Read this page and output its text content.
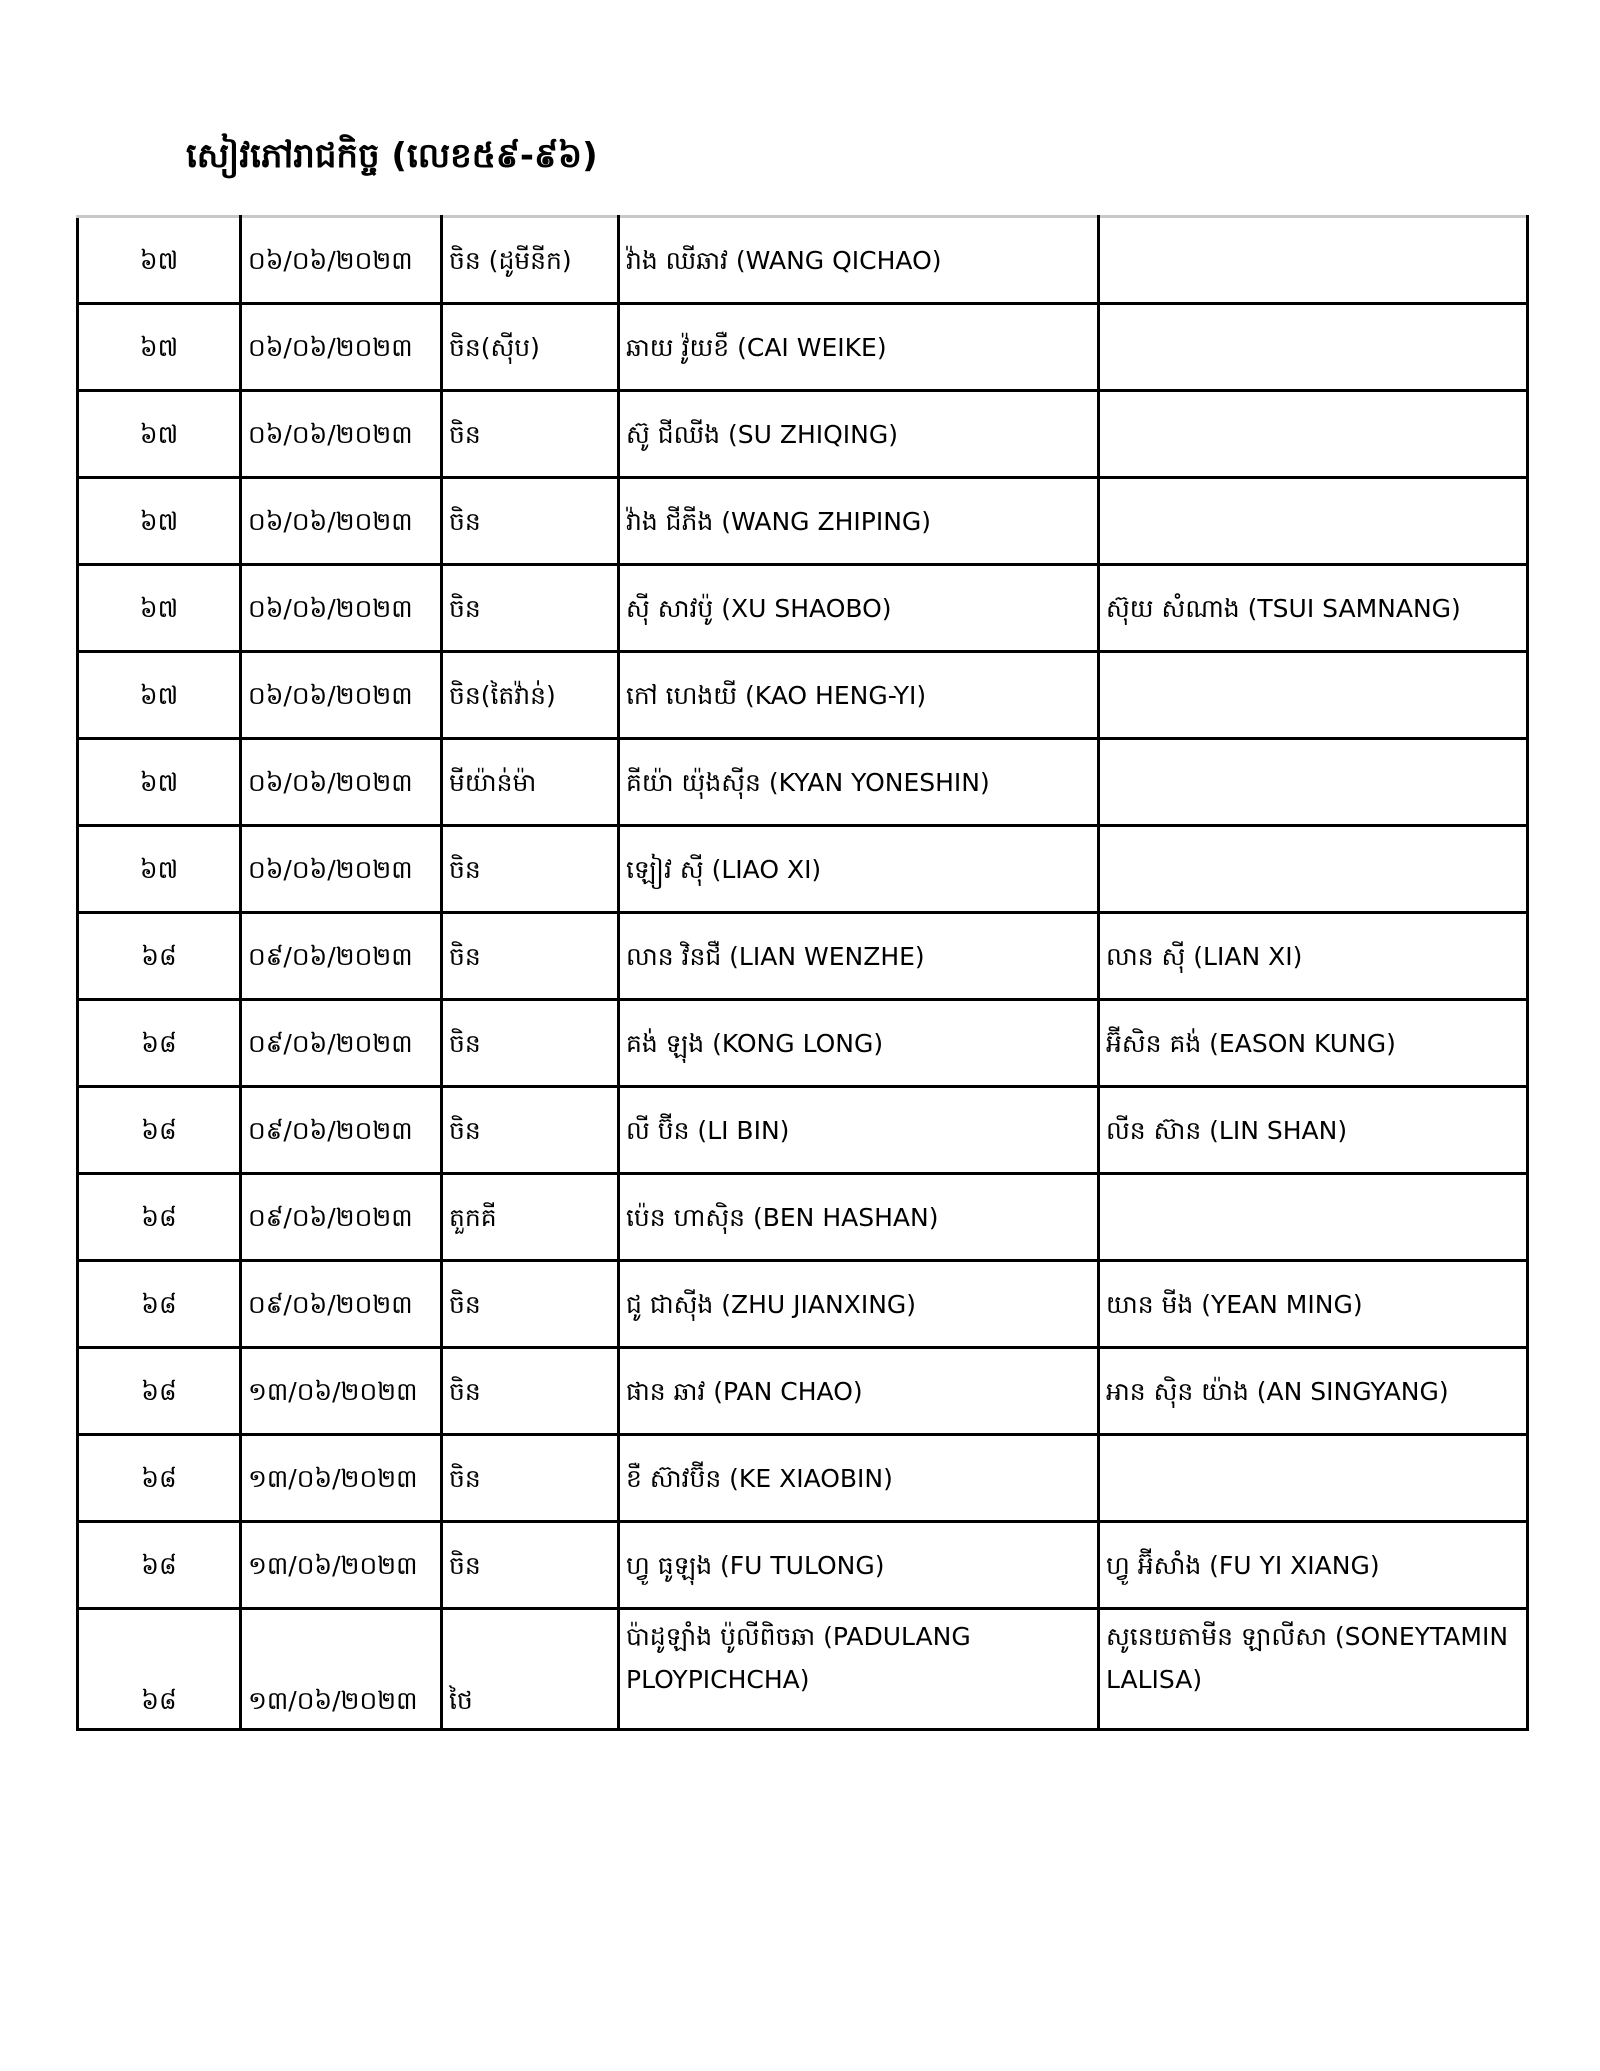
សៀវភៅរាជកិច្ច (លេខ៥៩-៩៦)
៦៧	០៦/០៦/២០២៣	ចិន (ដូមីនីក)	វ៉ាង ឈីឆាវ (WANG QICHAO)	
៦៧	០៦/០៦/២០២៣	ចិន(ស៊ីប)	ឆាយ វ៉ូយខឺ (CAI WEIKE)	
៦៧	០៦/០៦/២០២៣	ចិន	ស៊ូ ជីឈីង (SU ZHIQING)	
៦៧	០៦/០៦/២០២៣	ចិន	វ៉ាង ជីភីង (WANG ZHIPING)	
៦៧	០៦/០៦/២០២៣	ចិន	ស៊ី សាវប៉ូ (XU SHAOBO)	ស៊ុយ សំណាង (TSUI SAMNANG)
៦៧	០៦/០៦/២០២៣	ចិន(តៃវ៉ាន់)	កៅ ហេងយី (KAO HENG-YI)	
៦៧	០៦/០៦/២០២៣	មីយ៉ាន់ម៉ា	គីយ៉ា យ៉ុងស៊ីន (KYAN YONESHIN)	
៦៧	០៦/០៦/២០២៣	ចិន	ឡៀវ ស៊ី (LIAO XI)	
៦៨	០៩/០៦/២០២៣	ចិន	លាន វិនជឺ (LIAN WENZHE)	លាន ស៊ី (LIAN XI)
៦៨	០៩/០៦/២០២៣	ចិន	គង់ ឡុង (KONG LONG)	អ៊ីសិន គង់ (EASON KUNG)
៦៨	០៩/០៦/២០២៣	ចិន	លី ប៊ីន (LI BIN)	លីន ស៊ាន (LIN SHAN)
៦៨	០៩/០៦/២០២៣	តួកគី	ប៉េន ហាស៊ិន (BEN HASHAN)	
៦៨	០៩/០៦/២០២៣	ចិន	ជូ ជាស៊ីង (ZHU JIANXING)	យាន មីង (YEAN MING)
៦៨	១៣/០៦/២០២៣	ចិន	ផាន ឆាវ (PAN CHAO)	អាន ស៊ិន យ៉ាង (AN SINGYANG)
៦៨	១៣/០៦/២០២៣	ចិន	ខឺ ស៊ាវប៊ីន (KE XIAOBIN)	
៦៨	១៣/០៦/២០២៣	ចិន	ហ្វូ ធូឡុង (FU TULONG)	ហ្វូ អ៊ីសាំង (FU YI XIANG)
៦៨	១៣/០៦/២០២៣	ថៃ	ប៉ាដូឡាំង ប៉ូលីពិចឆា (PADULANG PLOYPICHCHA)	សូនេយតាមីន ឡាលីសា (SONEYTAMIN LALISA)
